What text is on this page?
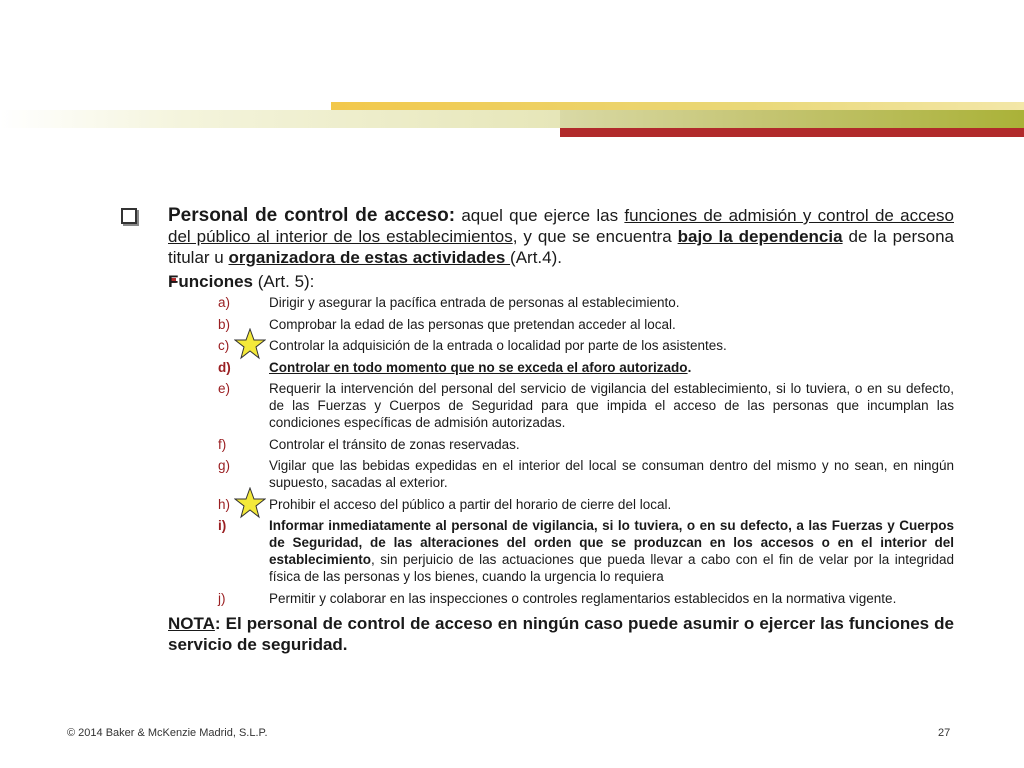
Personal de control de acceso: aquel que ejerce las funciones de admisión y control de acceso del público al interior de los establecimientos, y que se encuentra bajo la dependencia de la persona titular u organizadora de estas actividades (Art.4).
Funciones (Art. 5):
a)	Dirigir y asegurar la pacífica entrada de personas al establecimiento.
b)	Comprobar la edad de las personas que pretendan acceder al local.
c)	Controlar la adquisición de la entrada o localidad por parte de los asistentes.
d)	Controlar en todo momento que no se exceda el aforo autorizado.
e)	Requerir la intervención del personal del servicio de vigilancia del establecimiento, si lo tuviera, o en su defecto, de las Fuerzas y Cuerpos de Seguridad para que impida el acceso de las personas que incumplan las condiciones específicas de admisión autorizadas.
f)	Controlar el tránsito de zonas reservadas.
g)	Vigilar que las bebidas expedidas en el interior del local se consuman dentro del mismo y no sean, en ningún supuesto, sacadas al exterior.
h)	Prohibir el acceso del público a partir del horario de cierre del local.
i)	Informar inmediatamente al personal de vigilancia, si lo tuviera, o en su defecto, a las Fuerzas y Cuerpos de Seguridad, de las alteraciones del orden que se produzcan en los accesos o en el interior del establecimiento, sin perjuicio de las actuaciones que pueda llevar a cabo con el fin de velar por la integridad física de las personas y los bienes, cuando la urgencia lo requiera
j)	Permitir y colaborar en las inspecciones o controles reglamentarios establecidos en la normativa vigente.
NOTA: El personal de control de acceso en ningún caso puede asumir o ejercer las funciones de servicio de seguridad.
© 2014 Baker & McKenzie Madrid, S.L.P.	27
